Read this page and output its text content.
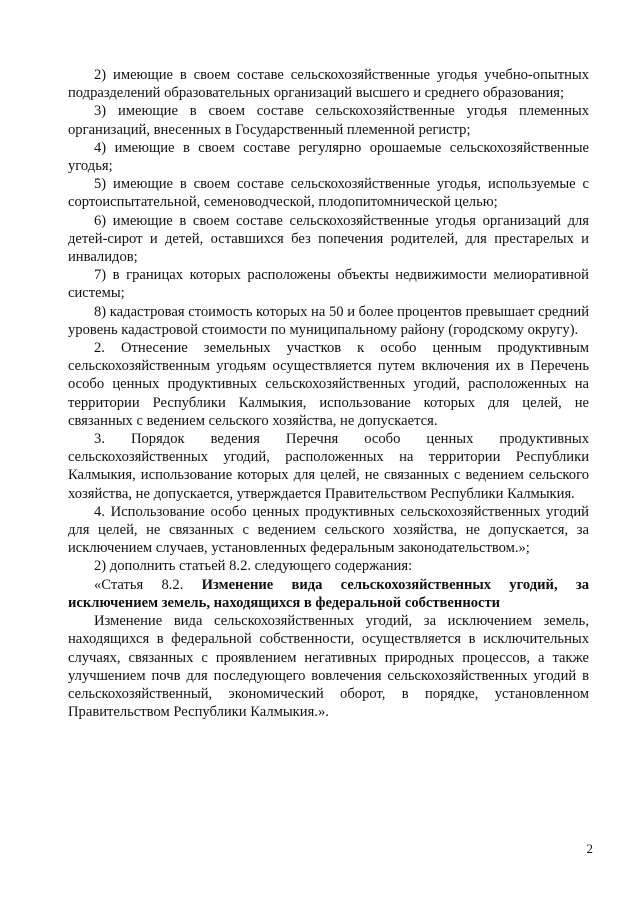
2) имеющие в своем составе сельскохозяйственные угодья учебно-опытных подразделений образовательных организаций высшего и среднего образования;

3) имеющие в своем составе сельскохозяйственные угодья племенных организаций, внесенных в Государственный племенной регистр;

4) имеющие в своем составе регулярно орошаемые сельскохозяйственные угодья;

5) имеющие в своем составе сельскохозяйственные угодья, используемые с сортоиспытательной, семеноводческой, плодопитомнической целью;

6) имеющие в своем составе сельскохозяйственные угодья организаций для детей-сирот и детей, оставшихся без попечения родителей, для престарелых и инвалидов;

7) в границах которых расположены объекты недвижимости мелиоративной системы;

8) кадастровая стоимость которых на 50 и более процентов превышает средний уровень кадастровой стоимости по муниципальному району (городскому округу).

2. Отнесение земельных участков к особо ценным продуктивным сельскохозяйственным угодьям осуществляется путем включения их в Перечень особо ценных продуктивных сельскохозяйственных угодий, расположенных на территории Республики Калмыкия, использование которых для целей, не связанных с ведением сельского хозяйства, не допускается.

3. Порядок ведения Перечня особо ценных продуктивных сельскохозяйственных угодий, расположенных на территории Республики Калмыкия, использование которых для целей, не связанных с ведением сельского хозяйства, не допускается, утверждается Правительством Республики Калмыкия.

4. Использование особо ценных продуктивных сельскохозяйственных угодий для целей, не связанных с ведением сельского хозяйства, не допускается, за исключением случаев, установленных федеральным законодательством.»;

2) дополнить статьей 8.2. следующего содержания:

«Статья 8.2. Изменение вида сельскохозяйственных угодий, за исключением земель, находящихся в федеральной собственности

Изменение вида сельскохозяйственных угодий, за исключением земель, находящихся в федеральной собственности, осуществляется в исключительных случаях, связанных с проявлением негативных природных процессов, а также улучшением почв для последующего вовлечения сельскохозяйственных угодий в сельскохозяйственный, экономический оборот, в порядке, установленном Правительством Республики Калмыкия.».

2
